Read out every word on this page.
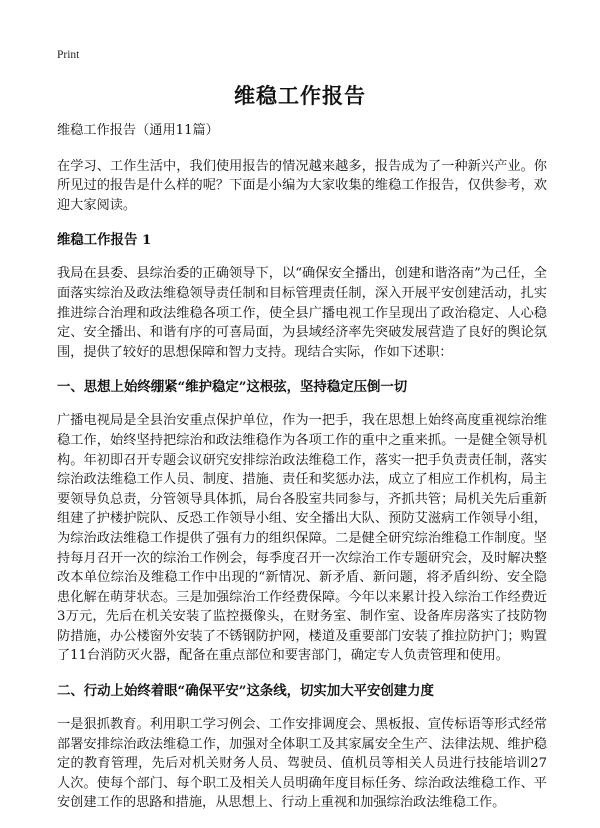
Print
维稳工作报告

维稳工作报告（通用11篇）

在学习、工作生活中，我们使用报告的情况越来越多，报告成为了一种新兴产业。你所见过的报告是什么样的呢？下面是小编为大家收集的维稳工作报告，仅供参考，欢迎大家阅读。

维稳工作报告 1

我局在县委、县综治委的正确领导下，以“确保安全播出，创建和谐洛南”为己任，全面落实综治及政法维稳领导责任制和目标管理责任制，深入开展平安创建活动，扎实推进综合治理和政法维稳各项工作，使全县广播电视工作呈现出了政治稳定、人心稳定、安全播出、和谐有序的可喜局面，为县域经济率先突破发展营造了良好的舆论氛围，提供了较好的思想保障和智力支持。现结合实际，作如下述职：

一、思想上始终绷紧“维护稳定”这根弦，坚持稳定压倒一切

广播电视局是全县治安重点保护单位，作为一把手，我在思想上始终高度重视综治维稳工作，始终坚持把综治和政法维稳作为各项工作的重中之重来抓。一是健全领导机构。年初即召开专题会议研究安排综治政法维稳工作，落实一把手负责责任制，落实综治政法维稳工作人员、制度、措施、责任和奖惩办法，成立了相应工作机构，局主要领导负总责，分管领导具体抓，局台各股室共同参与，齐抓共管；局机关先后重新组建了护楼护院队、反恐工作领导小组、安全播出大队、预防艾滋病工作领导小组，为综治政法维稳工作提供了强有力的组织保障。二是健全研究综治维稳工作制度。坚持每月召开一次的综治工作例会，每季度召开一次综治工作专题研究会，及时解决整改本单位综治及维稳工作中出现的“新情况、新矛盾、新问题，将矛盾纠纷、安全隐患化解在萌芽状态。三是加强综治工作经费保障。今年以来累计投入综治工作经费近3万元，先后在机关安装了监控摄像头，在财务室、制作室、设备库房落实了技防物防措施，办公楼窗外安装了不锈钢防护网，楼道及重要部门安装了推拉防护门；购置了11台消防灭火器，配备在重点部位和要害部门，确定专人负责管理和使用。

二、行动上始终着眼“确保平安”这条线，切实加大平安创建力度

一是狠抓教育。利用职工学习例会、工作安排调度会、黑板报、宣传标语等形式经常部署安排综治政法维稳工作，加强对全体职工及其家属安全生产、法律法规、维护稳定的教育管理，先后对机关财务人员、驾驶员、值机员等相关人员进行技能培训27人次。使每个部门、每个职工及相关人员明确年度目标任务、综治政法维稳工作、平安创建工作的思路和措施，从思想上、行动上重视和加强综治政法维稳工作。
